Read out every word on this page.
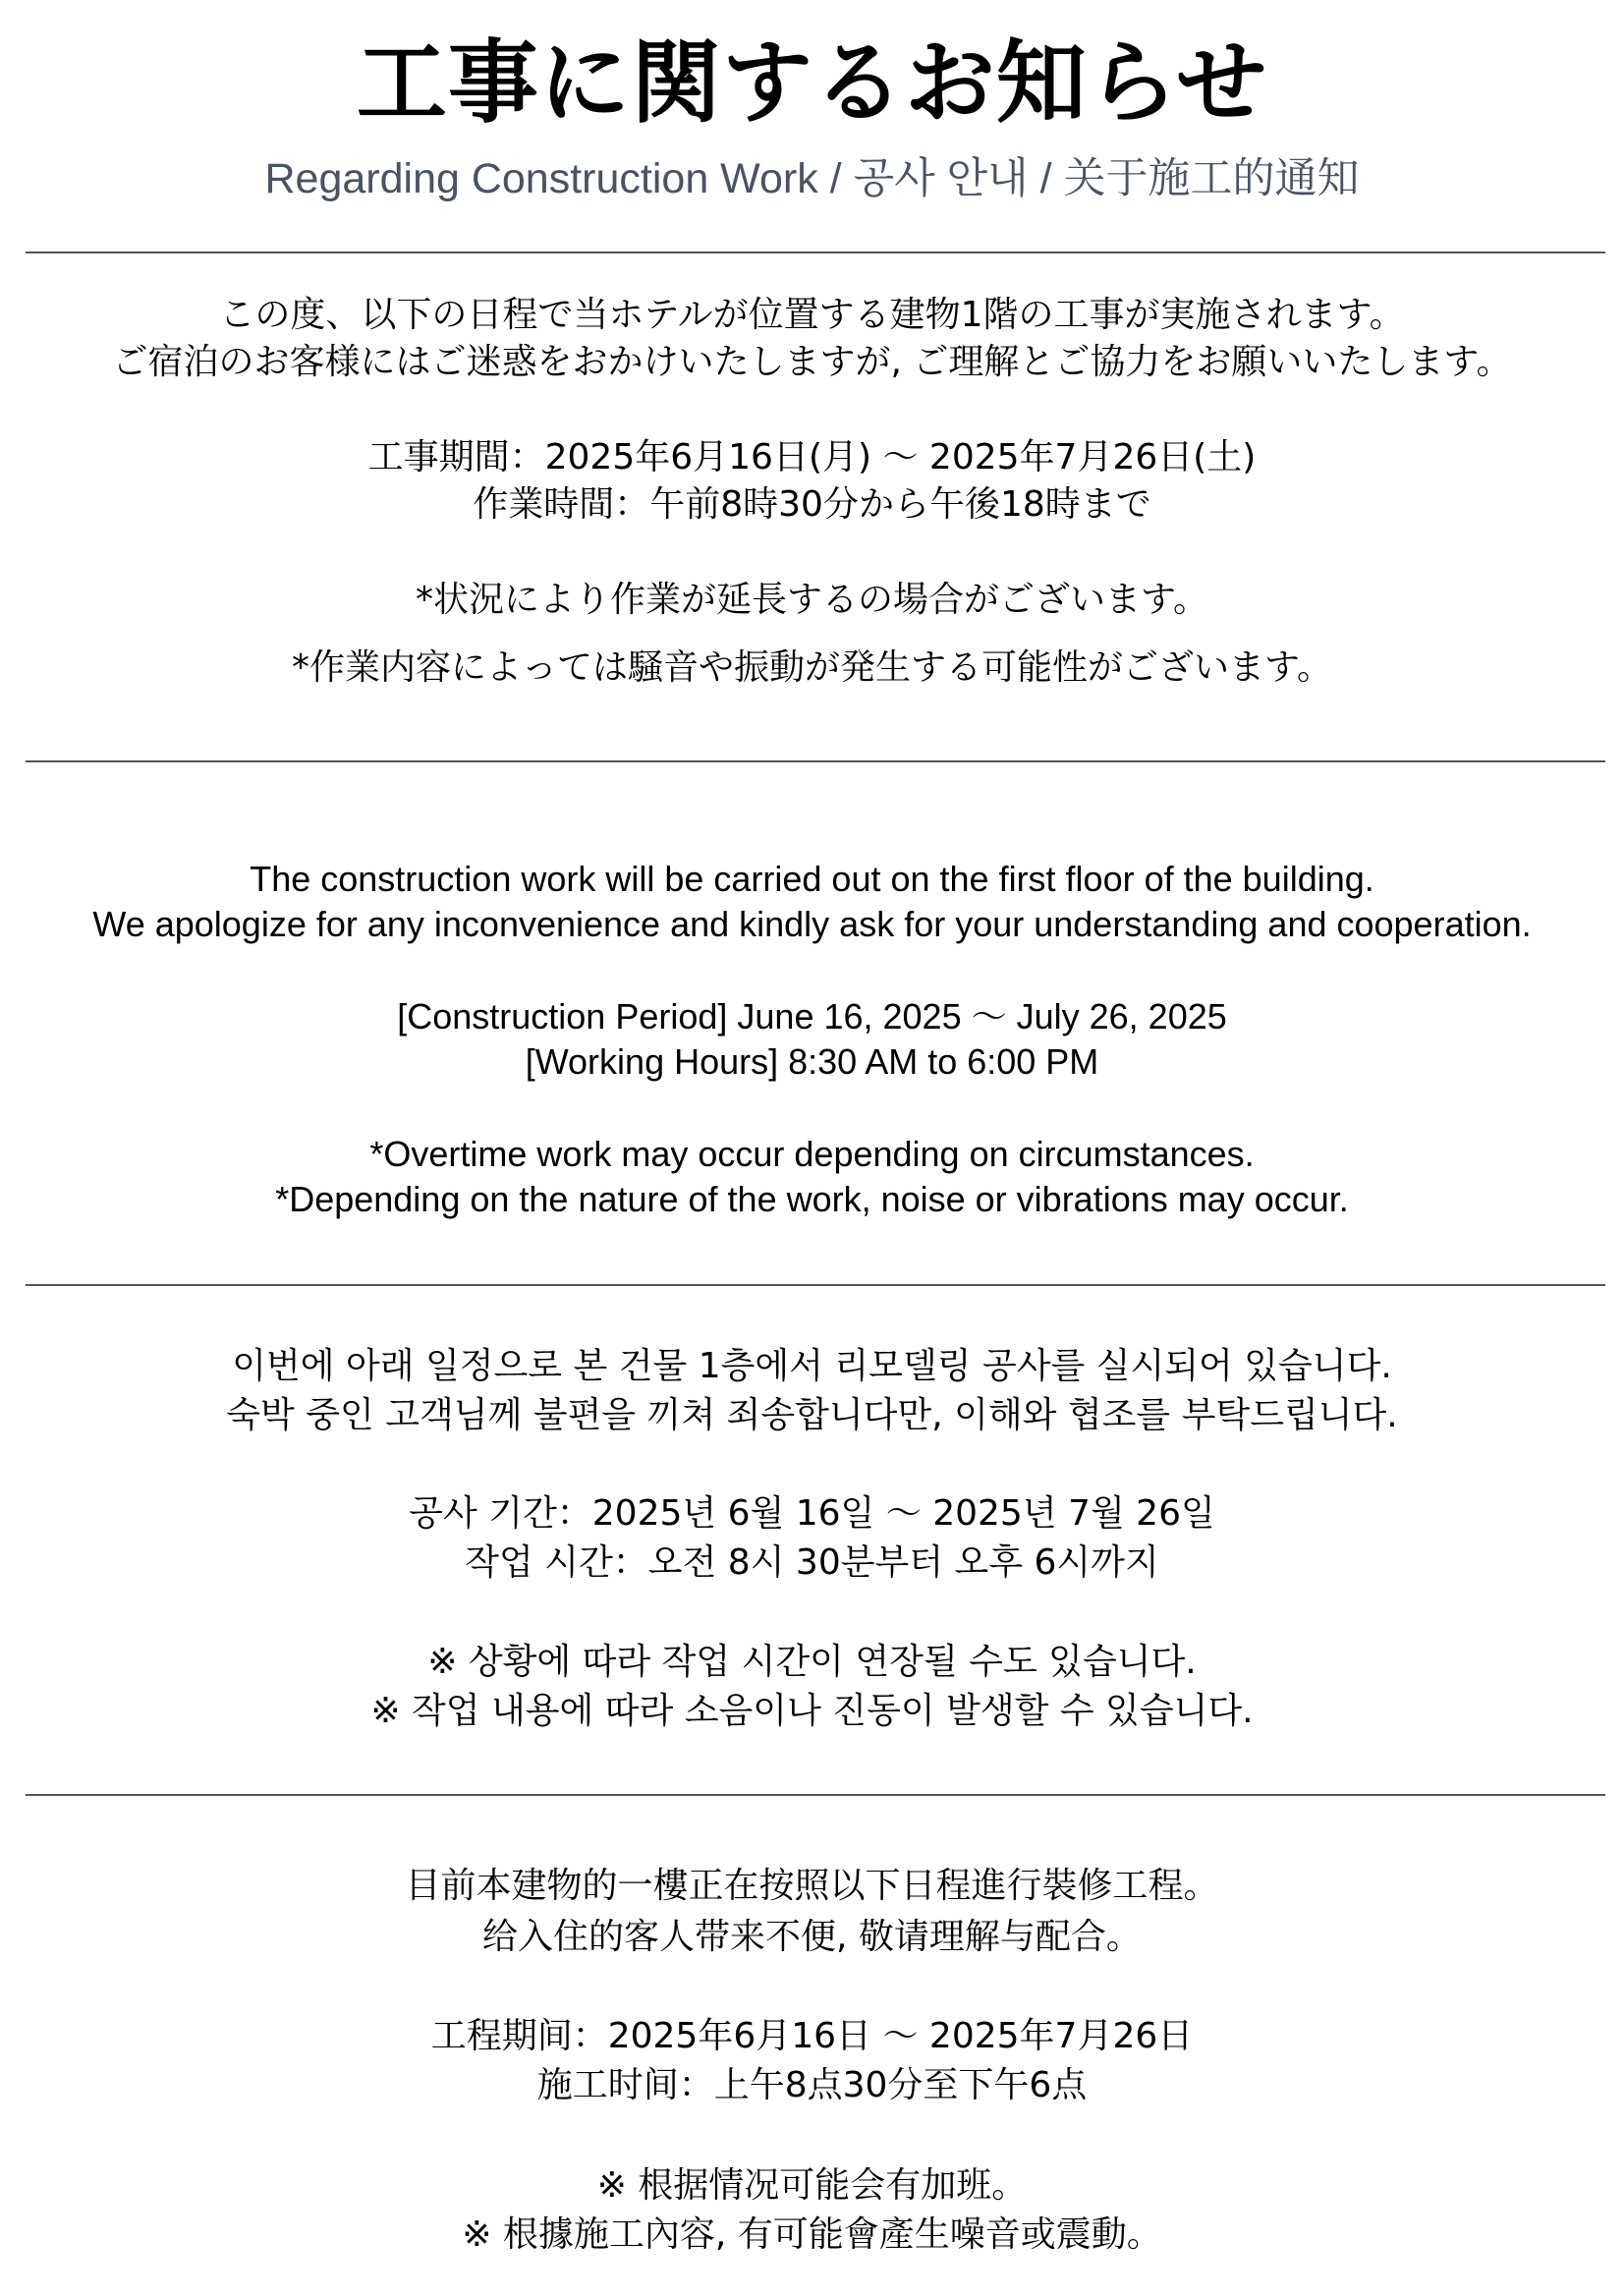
工事に関するお知らせ
Regarding Construction Work / 공사 안내 / 关于施工的通知
この度、以下の日程で当ホテルが位置する建物1階の工事が実施されます。
ご宿泊のお客様にはご迷惑をおかけいたしますが, ご理解とご協力をお願いいたします。
工事期間：2025年6月16日(月) 〜 2025年7月26日(土)
作業時間：午前8時30分から午後18時まで
*状況により作業が延長するの場合がございます。
*作業内容によっては騒音や振動が発生する可能性がございます。
The construction work will be carried out on the first floor of the building.
We apologize for any inconvenience and kindly ask for your understanding and cooperation.
[Construction Period] June 16, 2025 〜 July 26, 2025
[Working Hours] 8:30 AM to 6:00 PM
*Overtime work may occur depending on circumstances.
*Depending on the nature of the work, noise or vibrations may occur.
이번에 아래 일정으로 본 건물 1층에서 리모델링 공사를 실시되어 있습니다.
숙박 중인 고객님께 불편을 끼쳐 죄송합니다만, 이해와 협조를 부탁드립니다.
공사 기간：2025년 6월 16일 〜 2025년 7월 26일
작업 시간：오전 8시 30분부터 오후 6시까지
※ 상황에 따라 작업 시간이 연장될 수도 있습니다.
※ 작업 내용에 따라 소음이나 진동이 발생할 수 있습니다.
目前本建物的一樓正在按照以下日程進行裝修工程。
给入住的客人带来不便, 敬请理解与配合。
工程期间：2025年6月16日 〜 2025年7月26日
施工时间：上午8点30分至下午6点
※ 根据情况可能会有加班。
※ 根據施工內容, 有可能會產生噪音或震動。
